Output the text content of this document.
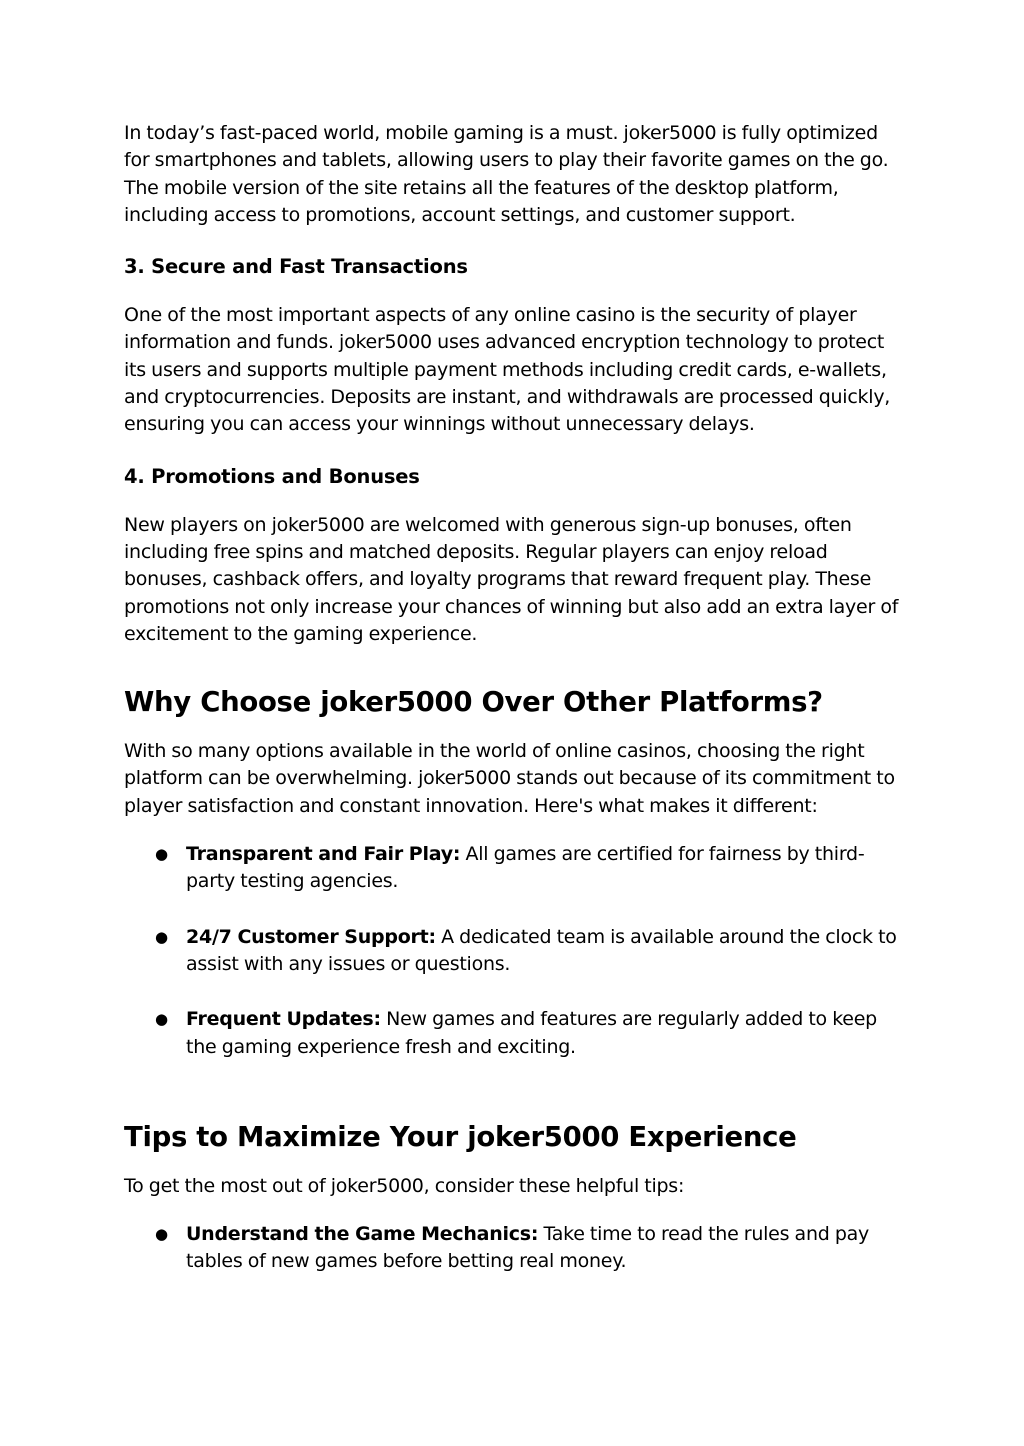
In today’s fast-paced world, mobile gaming is a must. joker5000 is fully optimized for smartphones and tablets, allowing users to play their favorite games on the go. The mobile version of the site retains all the features of the desktop platform, including access to promotions, account settings, and customer support.

3. Secure and Fast Transactions

One of the most important aspects of any online casino is the security of player information and funds. joker5000 uses advanced encryption technology to protect its users and supports multiple payment methods including credit cards, e-wallets, and cryptocurrencies. Deposits are instant, and withdrawals are processed quickly, ensuring you can access your winnings without unnecessary delays.

4. Promotions and Bonuses

New players on joker5000 are welcomed with generous sign-up bonuses, often including free spins and matched deposits. Regular players can enjoy reload bonuses, cashback offers, and loyalty programs that reward frequent play. These promotions not only increase your chances of winning but also add an extra layer of excitement to the gaming experience.

Why Choose joker5000 Over Other Platforms?

With so many options available in the world of online casinos, choosing the right platform can be overwhelming. joker5000 stands out because of its commitment to player satisfaction and constant innovation. Here's what makes it different:

● Transparent and Fair Play: All games are certified for fairness by third-party testing agencies.
● 24/7 Customer Support: A dedicated team is available around the clock to assist with any issues or questions.
● Frequent Updates: New games and features are regularly added to keep the gaming experience fresh and exciting.
Tips to Maximize Your joker5000 Experience

To get the most out of joker5000, consider these helpful tips:

● Understand the Game Mechanics: Take time to read the rules and pay tables of new games before betting real money.
